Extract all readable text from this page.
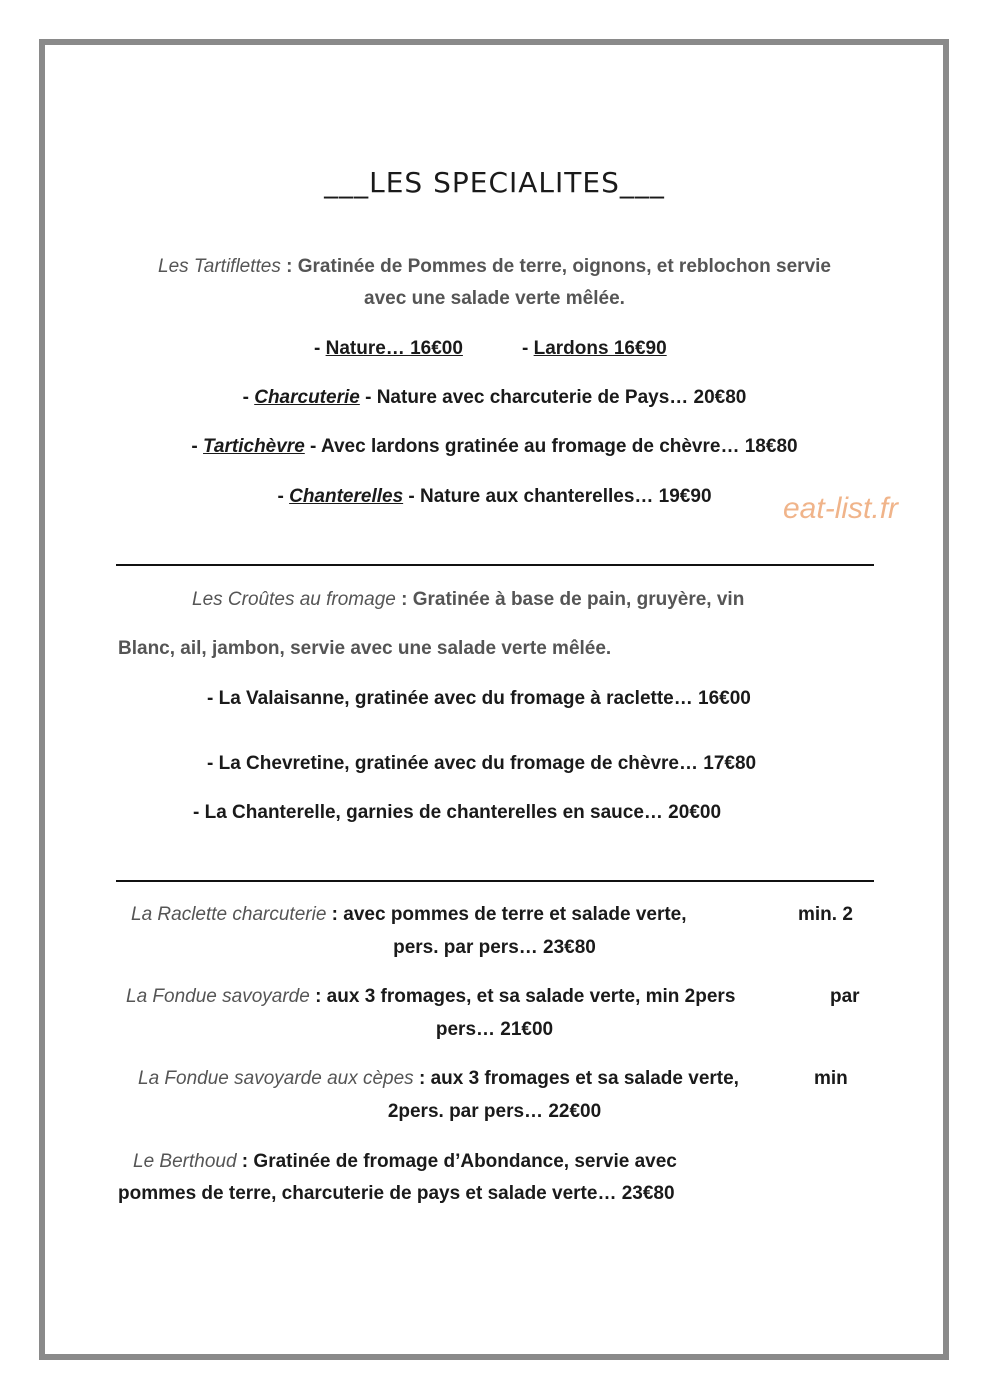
___LES SPECIALITES___
Les Tartiflettes : Gratinée de Pommes de terre, oignons, et reblochon servie
avec une salade verte mêlée.
- Nature… 16€00	- Lardons 16€90
- Charcuterie - Nature avec charcuterie de Pays… 20€80
- Tartichèvre - Avec lardons gratinée au fromage de chèvre… 18€80
- Chanterelles - Nature aux chanterelles… 19€90	eat-list.fr
Les Croûtes au fromage : Gratinée à base de pain, gruyère, vin
Blanc, ail, jambon, servie avec une salade verte mêlée.
- La Valaisanne, gratinée avec du fromage à raclette… 16€00
- La Chevretine, gratinée avec du fromage de chèvre… 17€80
- La Chanterelle, garnies de chanterelles en sauce… 20€00
La Raclette charcuterie : avec pommes de terre et salade verte,	min. 2
pers. par pers… 23€80
La Fondue savoyarde : aux 3 fromages, et sa salade verte, min 2pers	par
pers… 21€00
La Fondue savoyarde aux cèpes : aux 3 fromages et sa salade verte,	min
2pers. par pers… 22€00
Le Berthoud : Gratinée de fromage d’Abondance, servie avec
pommes de terre, charcuterie de pays et salade verte… 23€80
